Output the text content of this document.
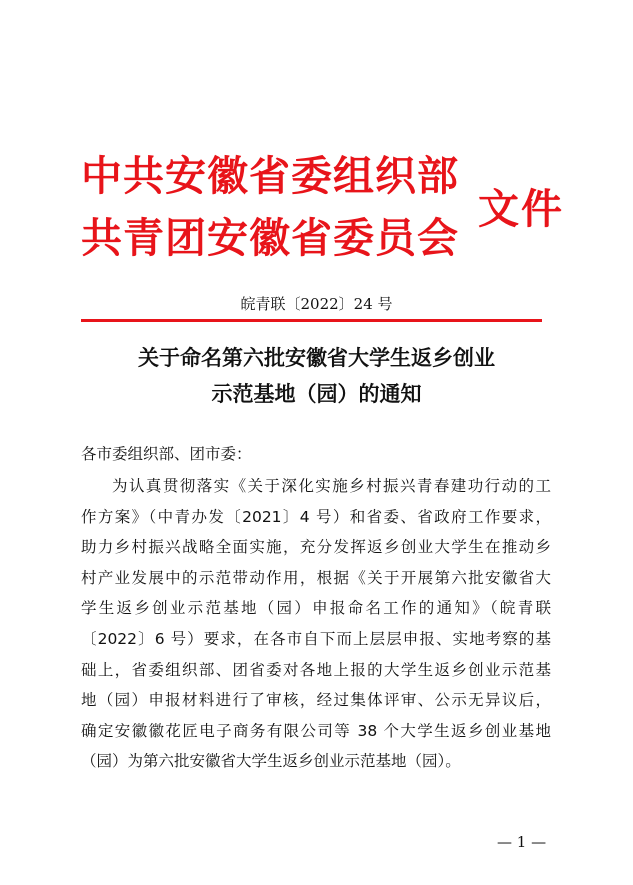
中共安徽省委组织部
共青团安徽省委员会
文件
皖青联〔2022〕24 号
关于命名第六批安徽省大学生返乡创业
示范基地（园）的通知
各市委组织部、团市委：
为认真贯彻落实《关于深化实施乡村振兴青春建功行动的工
作方案》（中青办发〔2021〕4 号）和省委、省政府工作要求，
助力乡村振兴战略全面实施，充分发挥返乡创业大学生在推动乡
村产业发展中的示范带动作用，根据《关于开展第六批安徽省大
学生返乡创业示范基地（园）申报命名工作的通知》（皖青联
〔2022〕6 号）要求，在各市自下而上层层申报、实地考察的基
础上，省委组织部、团省委对各地上报的大学生返乡创业示范基
地（园）申报材料进行了审核，经过集体评审、公示无异议后，
确定安徽徽花匠电子商务有限公司等 38 个大学生返乡创业基地
（园）为第六批安徽省大学生返乡创业示范基地（园）。
— 1 —
